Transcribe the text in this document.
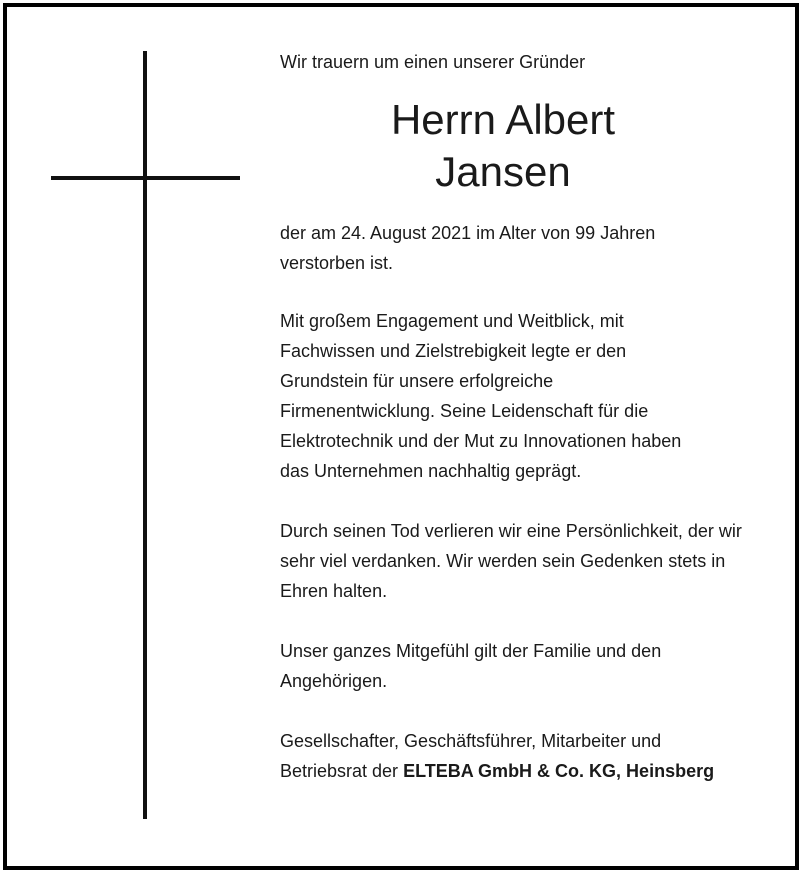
Wir trauern um einen unserer Gründer

Herrn Albert
Jansen

der am 24. August 2021 im Alter von 99 Jahren verstorben ist.

Mit großem Engagement und Weitblick, mit Fachwissen und Zielstrebigkeit legte er den Grundstein für unsere erfolgreiche Firmenentwicklung. Seine Leidenschaft für die Elektrotechnik und der Mut zu Innovationen haben das Unternehmen nachhaltig geprägt.

Durch seinen Tod verlieren wir eine Persönlichkeit, der wir sehr viel verdanken. Wir werden sein Gedenken stets in Ehren halten.

Unser ganzes Mitgefühl gilt der Familie und den Angehörigen.

Gesellschafter, Geschäftsführer, Mitarbeiter und
Betriebsrat der ELTEBA GmbH & Co. KG, Heinsberg
